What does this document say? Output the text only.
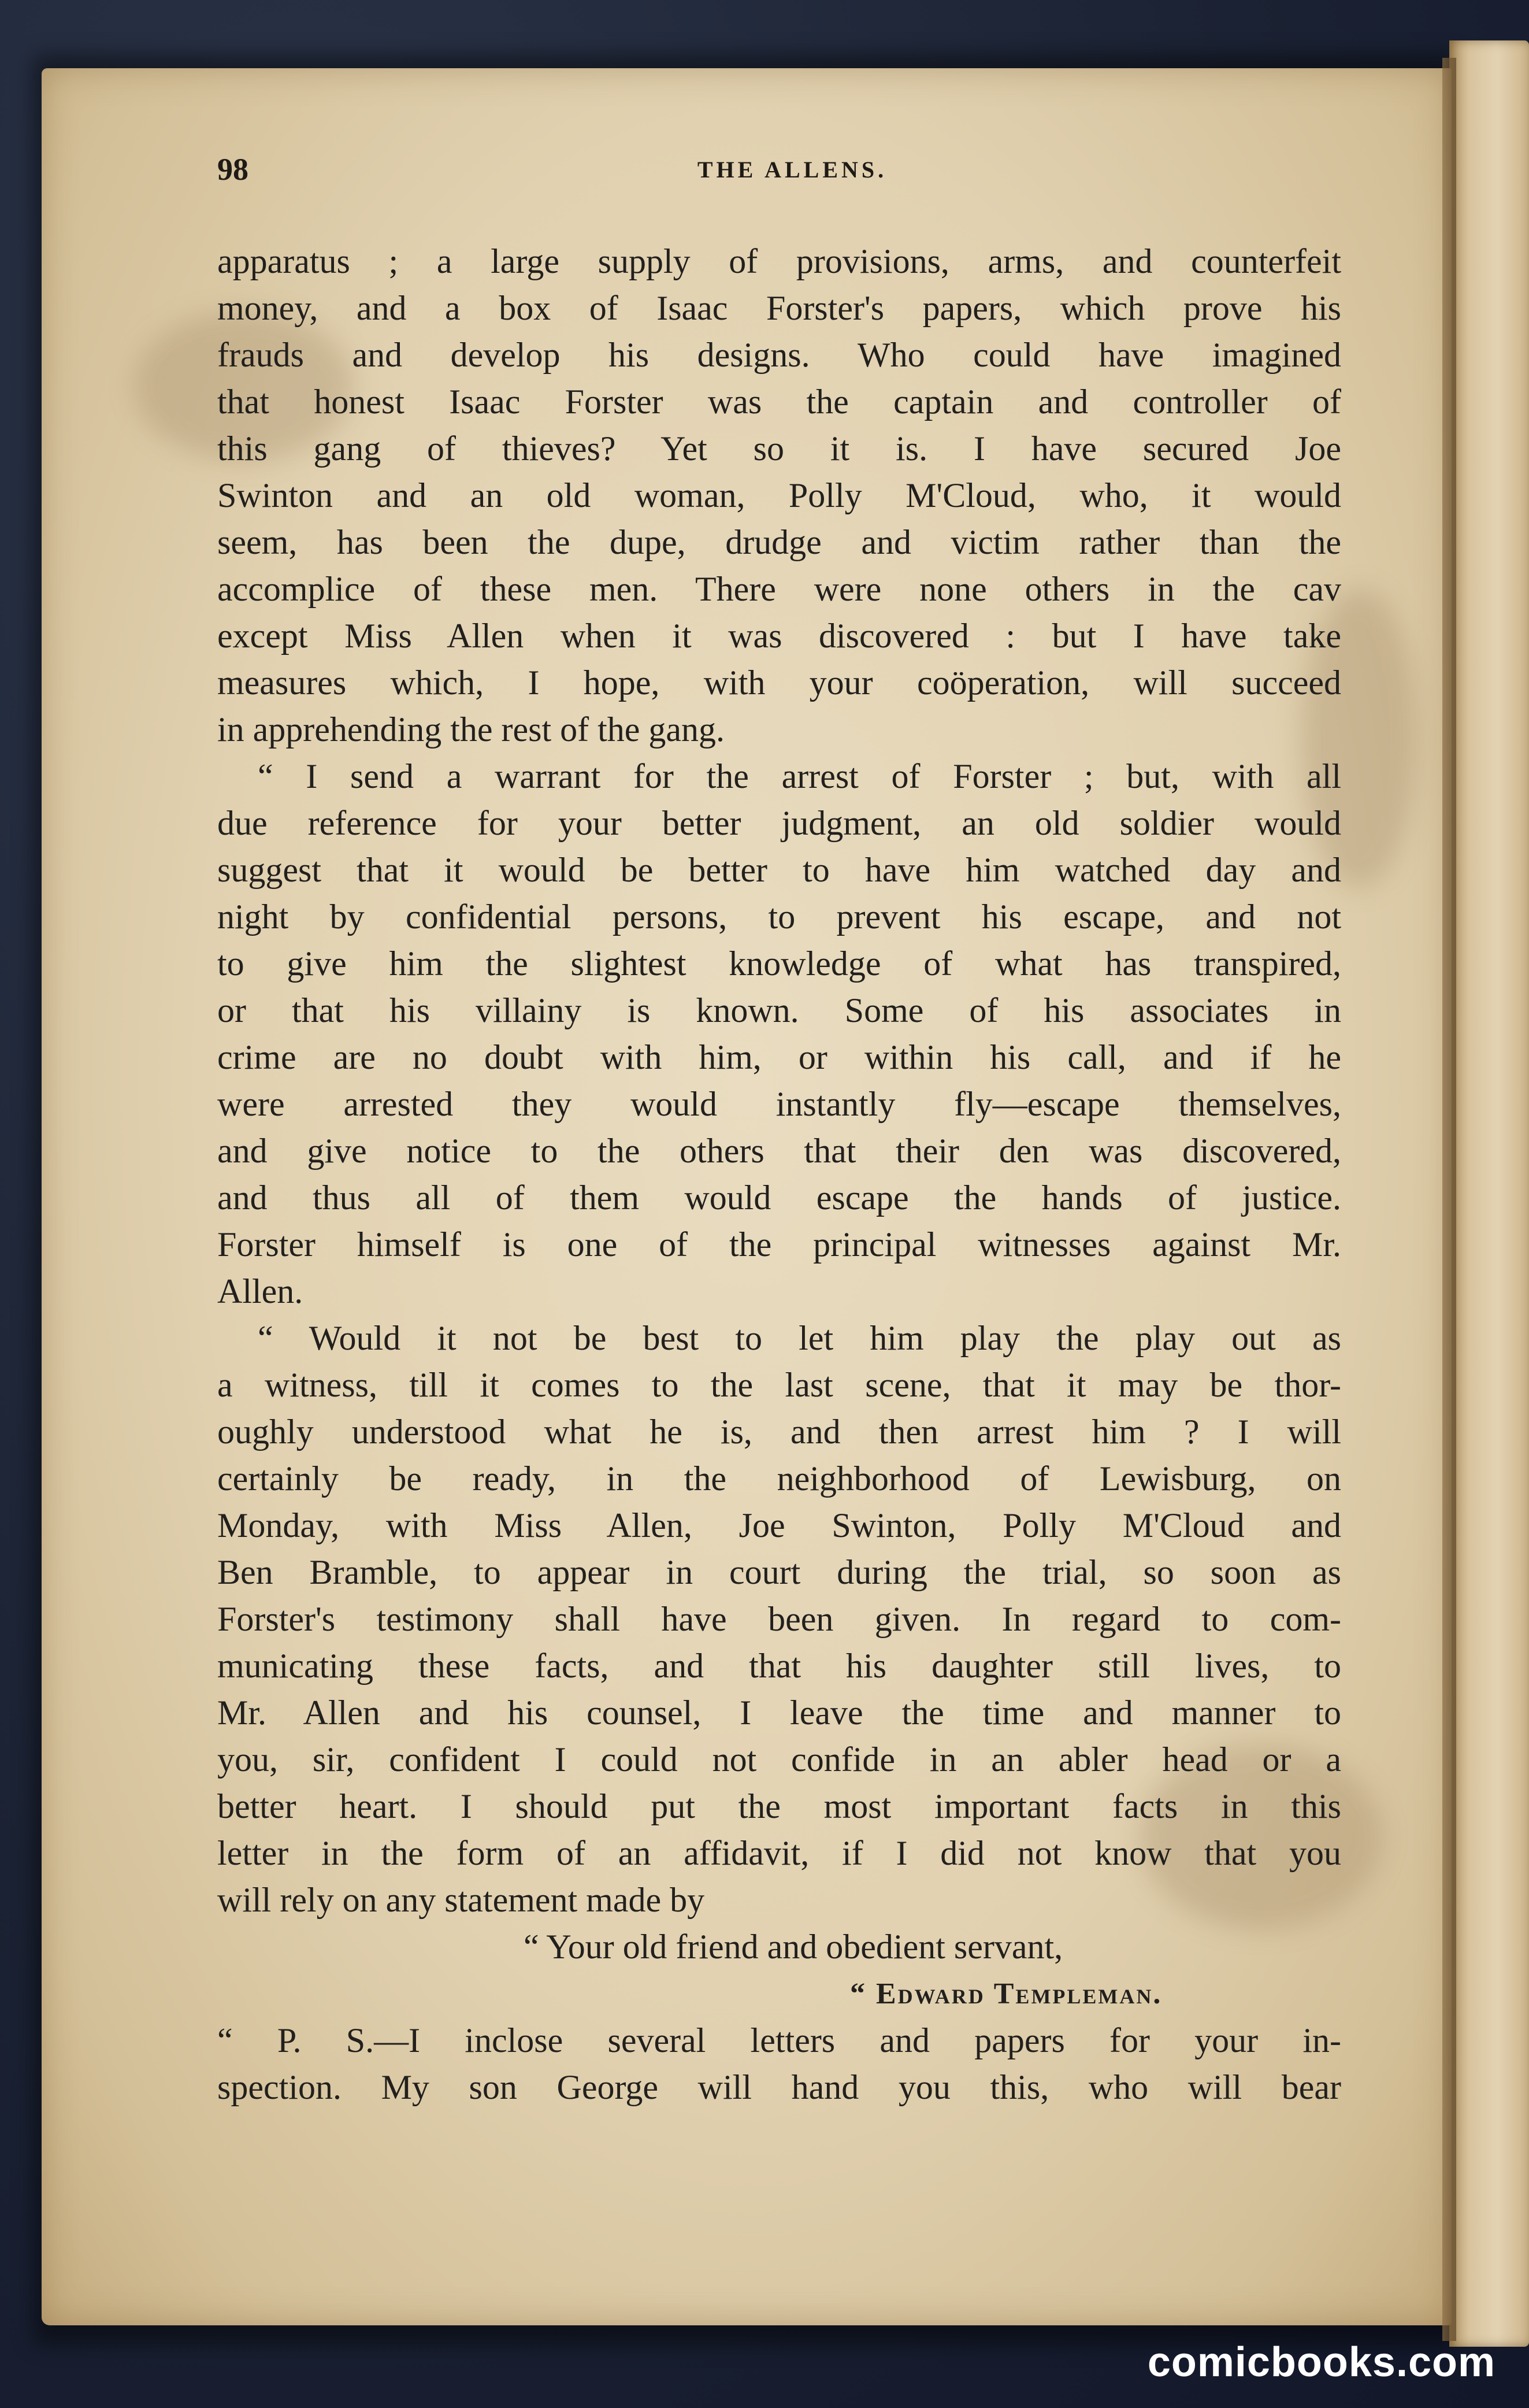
98	THE ALLENS.
apparatus ; a large supply of provisions, arms, and counterfeit
money, and a box of Isaac Forster's papers, which prove his
frauds and develop his designs. Who could have imagined
that honest Isaac Forster was the captain and controller of
this gang of thieves? Yet so it is. I have secured Joe
Swinton and an old woman, Polly M'Cloud, who, it would
seem, has been the dupe, drudge and victim rather than the
accomplice of these men. There were none others in the cav
except Miss Allen when it was discovered : but I have take
measures which, I hope, with your coöperation, will succeed
in apprehending the rest of the gang.
“ I send a warrant for the arrest of Forster ; but, with all
due reference for your better judgment, an old soldier would
suggest that it would be better to have him watched day and
night by confidential persons, to prevent his escape, and not
to give him the slightest knowledge of what has transpired,
or that his villainy is known. Some of his associates in
crime are no doubt with him, or within his call, and if he
were arrested they would instantly fly—escape themselves,
and give notice to the others that their den was discovered,
and thus all of them would escape the hands of justice.
Forster himself is one of the principal witnesses against Mr.
Allen.
“ Would it not be best to let him play the play out as
a witness, till it comes to the last scene, that it may be thor-
oughly understood what he is, and then arrest him ? I will
certainly be ready, in the neighborhood of Lewisburg, on
Monday, with Miss Allen, Joe Swinton, Polly M'Cloud and
Ben Bramble, to appear in court during the trial, so soon as
Forster's testimony shall have been given. In regard to com-
municating these facts, and that his daughter still lives, to
Mr. Allen and his counsel, I leave the time and manner to
you, sir, confident I could not confide in an abler head or a
better heart. I should put the most important facts in this
letter in the form of an affidavit, if I did not know that you
will rely on any statement made by
“ Your old friend and obedient servant,
“ Edward Templeman.
“ P. S.—I inclose several letters and papers for your in-
spection. My son George will hand you this, who will bear
comicbooks.com
